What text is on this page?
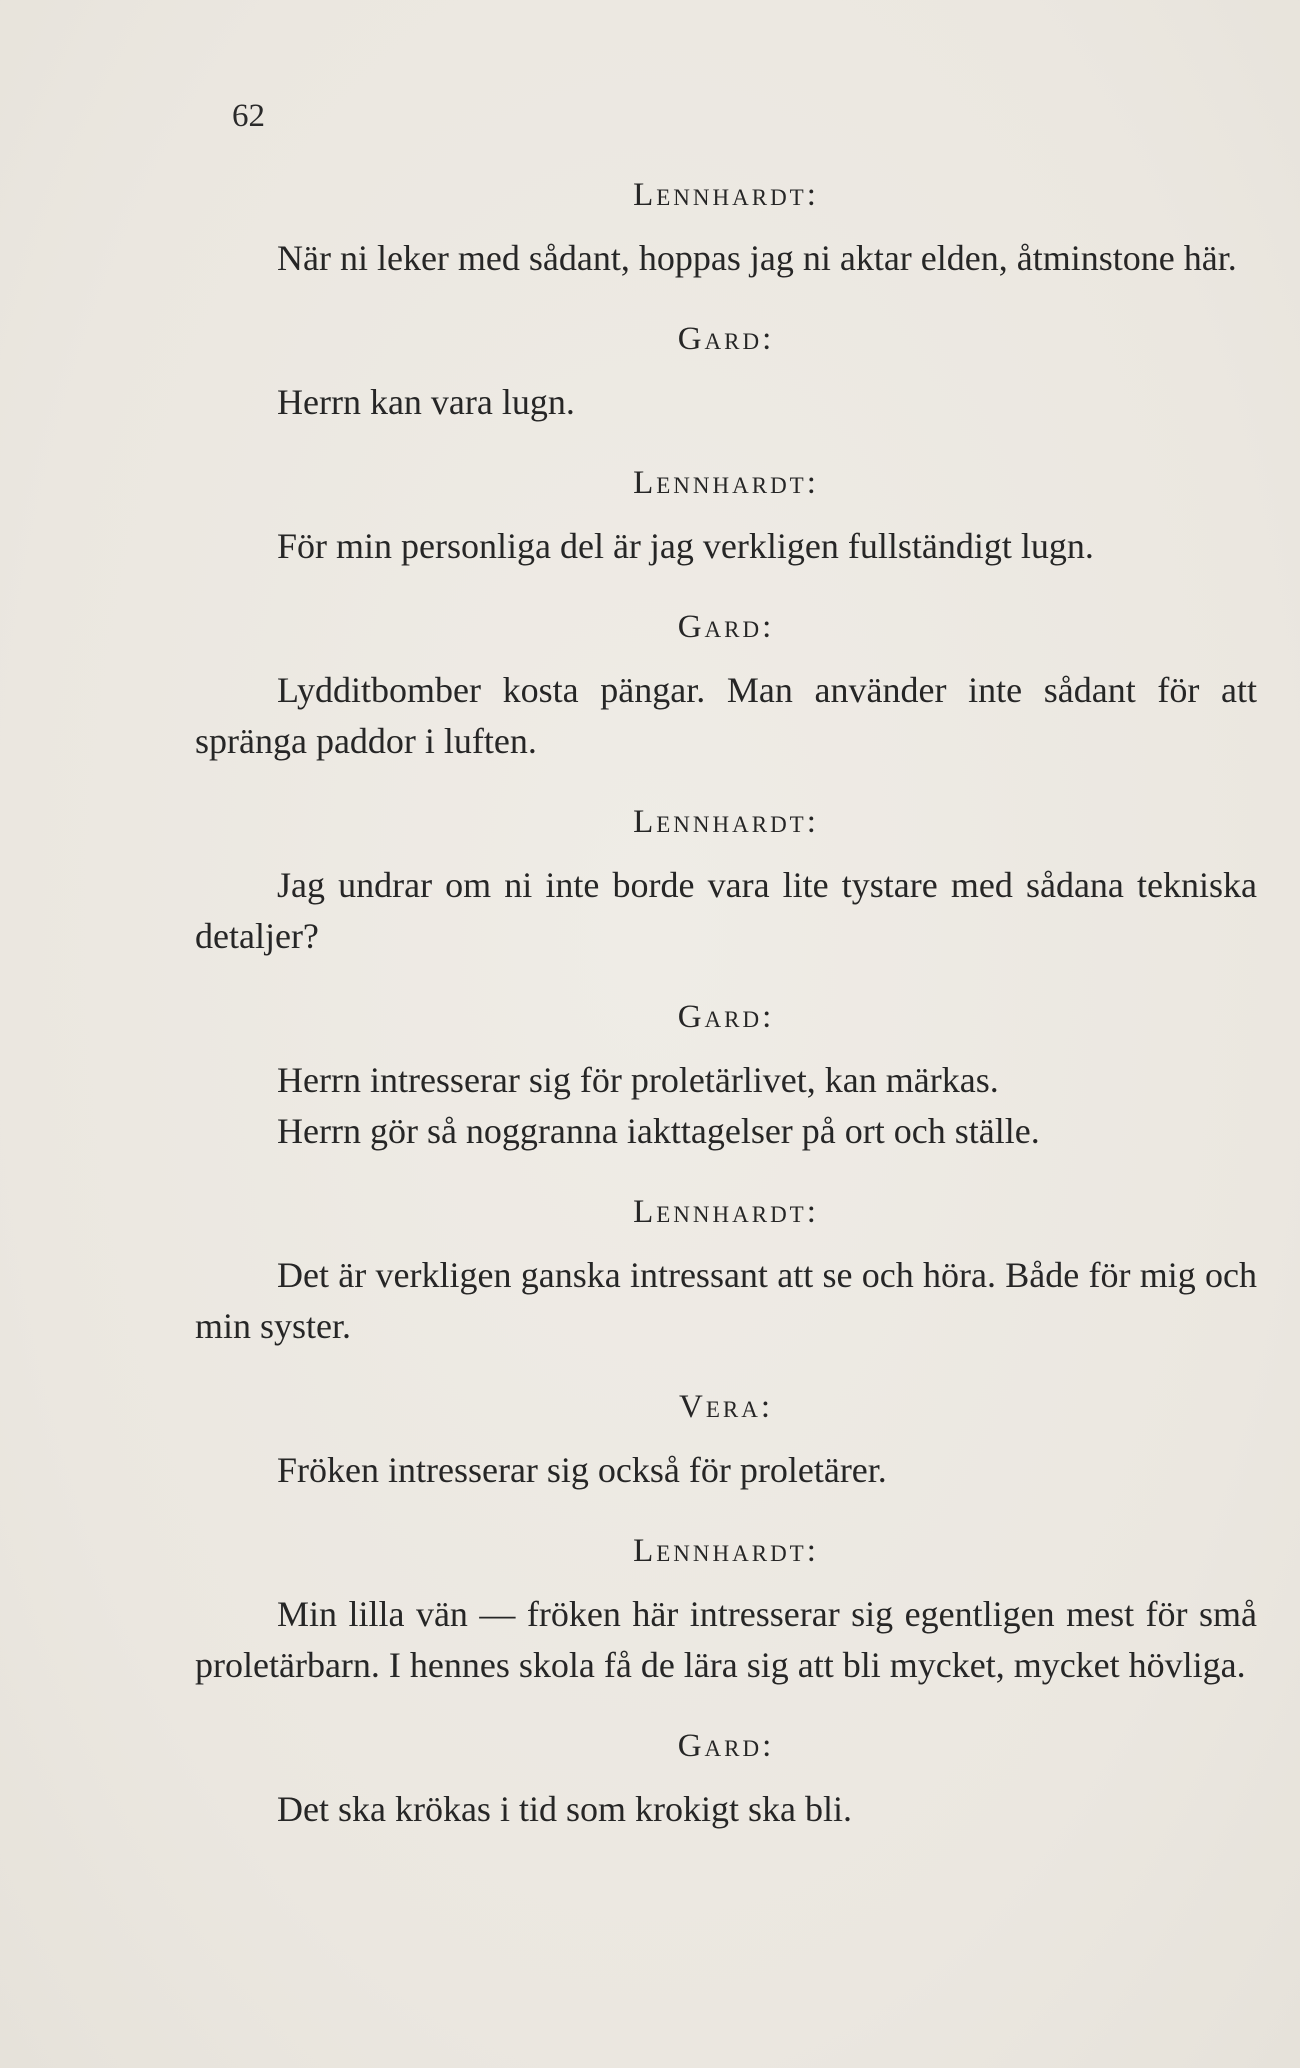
62
Lennhardt:
När ni leker med sådant, hoppas jag ni aktar elden, åtminstone här.
Gard:
Herrn kan vara lugn.
Lennhardt:
För min personliga del är jag verkligen fullständigt lugn.
Gard:
Lydditbomber kosta pängar. Man använder inte sådant för att spränga paddor i luften.
Lennhardt:
Jag undrar om ni inte borde vara lite tystare med sådana tekniska detaljer?
Gard:
Herrn intresserar sig för proletärlivet, kan märkas.
Herrn gör så noggranna iakttagelser på ort och ställe.
Lennhardt:
Det är verkligen ganska intressant att se och höra. Både för mig och min syster.
Vera:
Fröken intresserar sig också för proletärer.
Lennhardt:
Min lilla vän — fröken här intresserar sig egentligen mest för små proletärbarn. I hennes skola få de lära sig att bli mycket, mycket hövliga.
Gard:
Det ska krökas i tid som krokigt ska bli.
